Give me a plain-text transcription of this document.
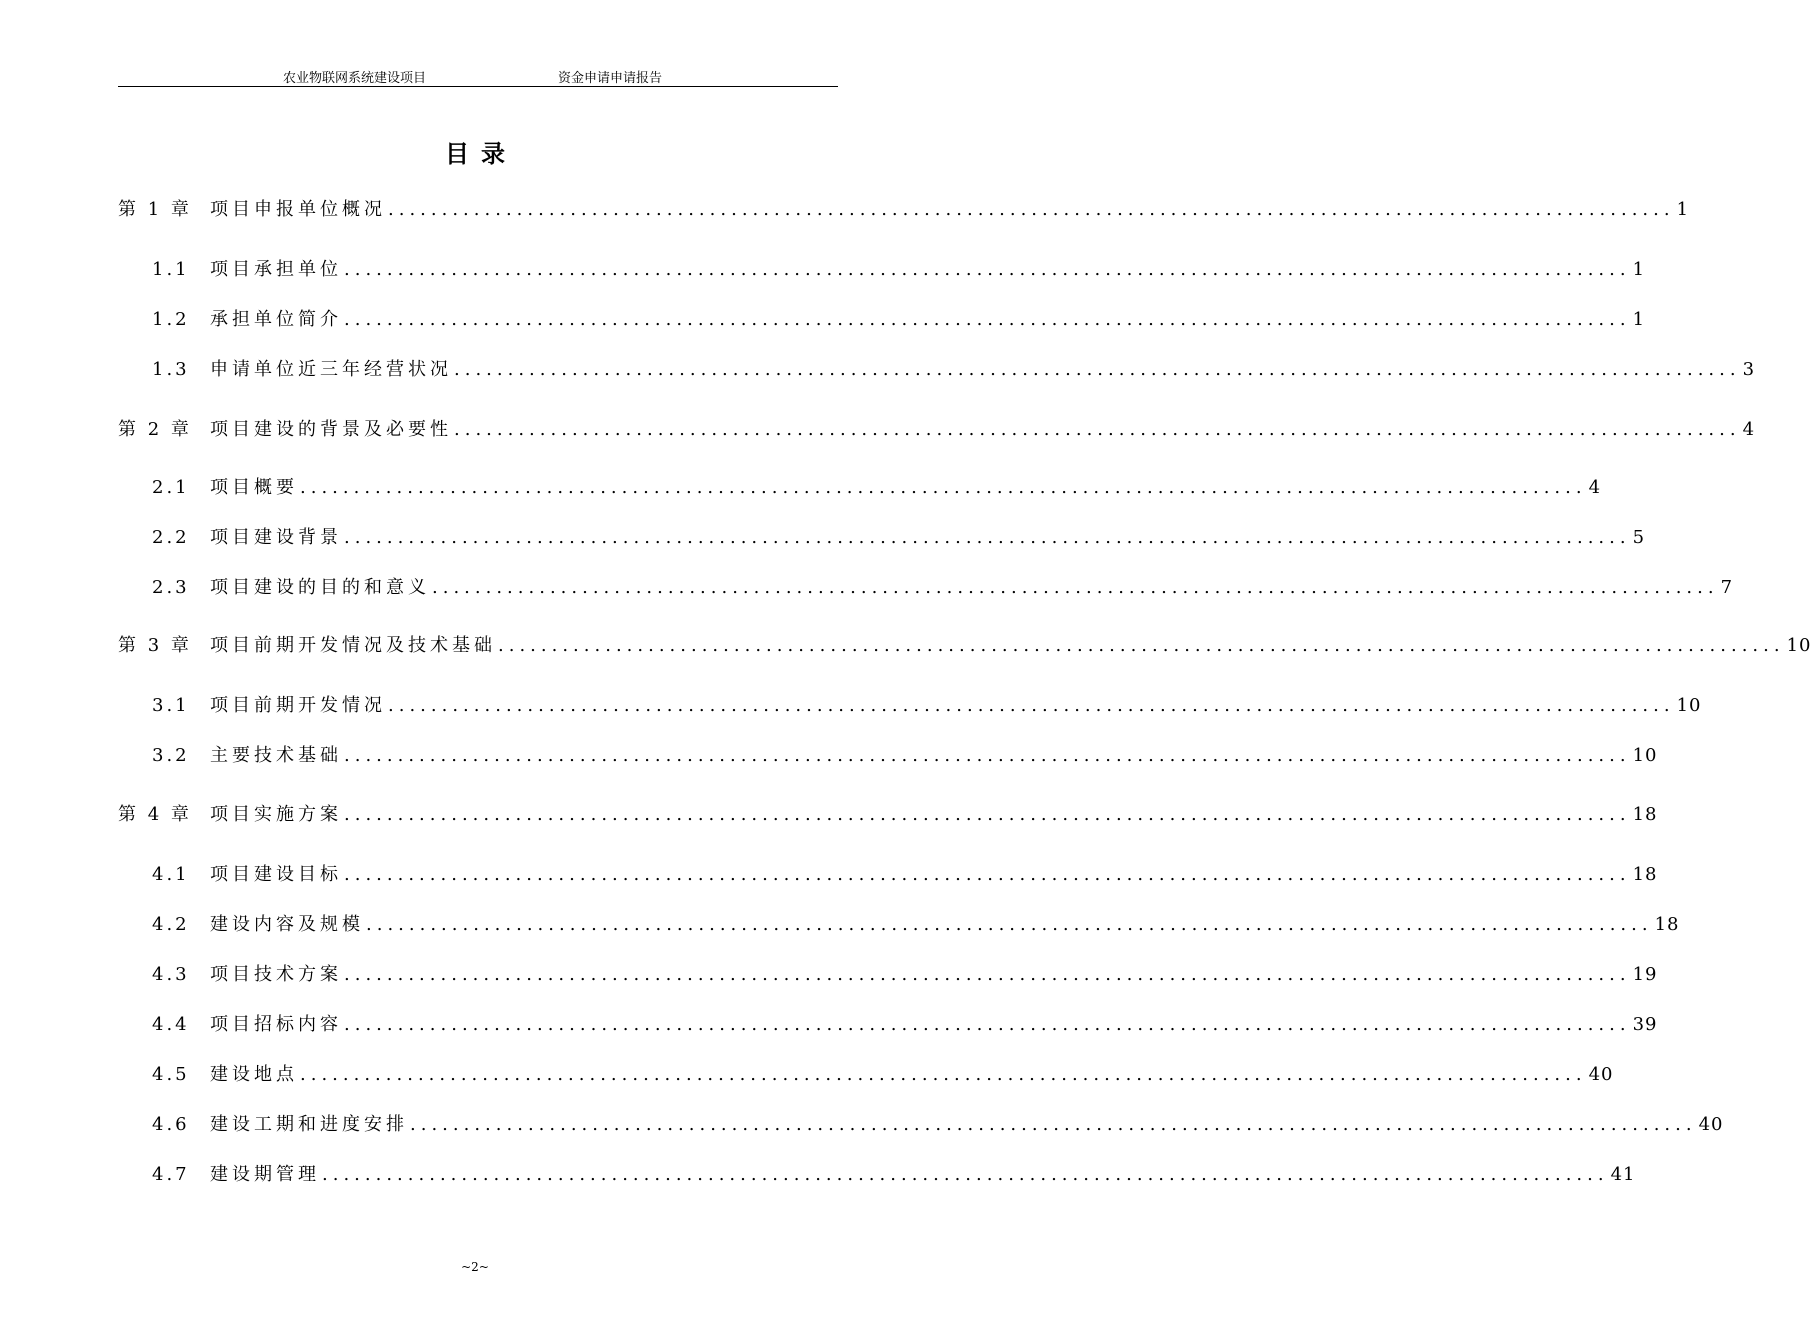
农业物联网系统建设项目	资金申请申请报告
目录
第 1 章	项目申报单位概况 ........................................................................................................................ 1
1.1	项目承担单位 ........................................................................................................................ 1
1.2	承担单位简介 ........................................................................................................................ 1
1.3	申请单位近三年经营状况 ........................................................................................................................ 3
第 2 章	项目建设的背景及必要性 ........................................................................................................................ 4
2.1	项目概要 ........................................................................................................................ 4
2.2	项目建设背景 ........................................................................................................................ 5
2.3	项目建设的目的和意义 ........................................................................................................................ 7
第 3 章	项目前期开发情况及技术基础 ........................................................................................................................ 10
3.1	项目前期开发情况 ........................................................................................................................ 10
3.2	主要技术基础 ........................................................................................................................ 10
第 4 章	项目实施方案 ........................................................................................................................ 18
4.1	项目建设目标 ........................................................................................................................ 18
4.2	建设内容及规模 ........................................................................................................................ 18
4.3	项目技术方案 ........................................................................................................................ 19
4.4	项目招标内容 ........................................................................................................................ 39
4.5	建设地点 ........................................................................................................................ 40
4.6	建设工期和进度安排 ........................................................................................................................ 40
4.7	建设期管理 ........................................................................................................................ 41
~2~
